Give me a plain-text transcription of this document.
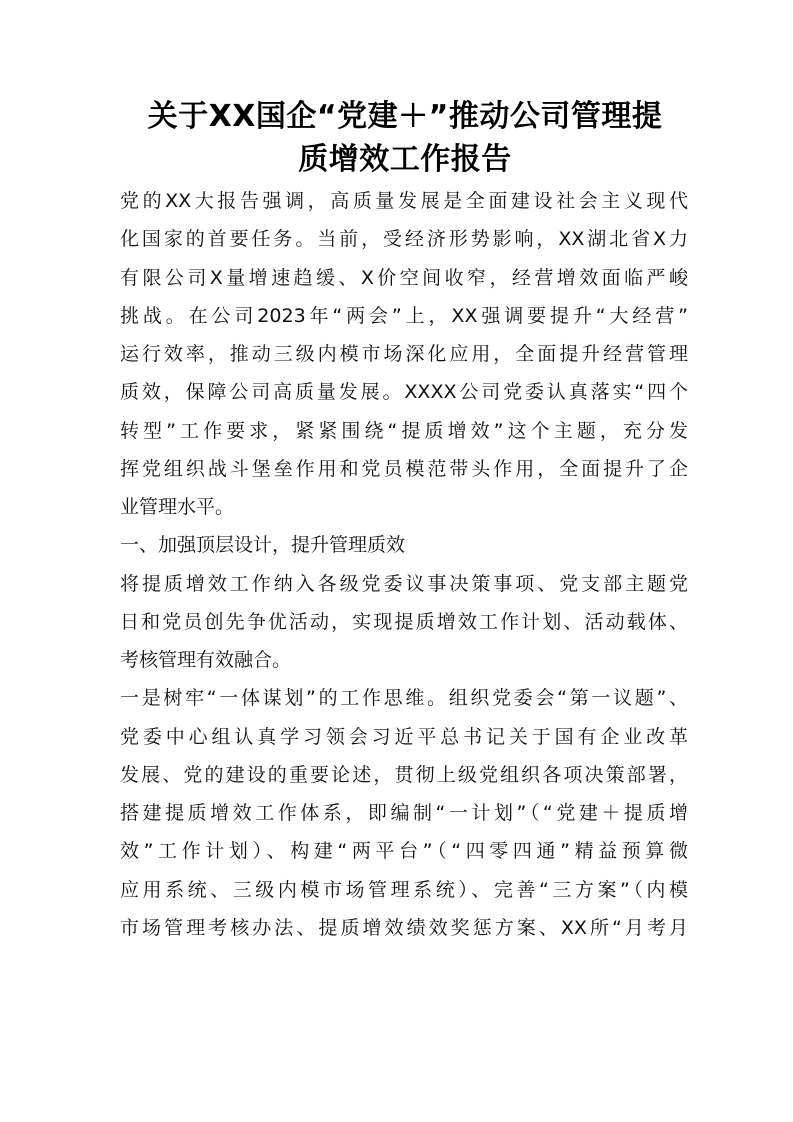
关于XX国企“党建＋”推动公司管理提
质增效工作报告
党的XX大报告强调，高质量发展是全面建设社会主义现代
化国家的首要任务。当前，受经济形势影响，XX湖北省X力
有限公司X量增速趋缓、X价空间收窄，经营增效面临严峻
挑战。在公司2023年“两会”上，XX强调要提升“大经营”
运行效率，推动三级内模市场深化应用，全面提升经营管理
质效，保障公司高质量发展。XXXX公司党委认真落实“四个
转型”工作要求，紧紧围绕“提质增效”这个主题，充分发
挥党组织战斗堡垒作用和党员模范带头作用，全面提升了企
业管理水平。
一、加强顶层设计，提升管理质效
将提质增效工作纳入各级党委议事决策事项、党支部主题党
日和党员创先争优活动，实现提质增效工作计划、活动载体、
考核管理有效融合。
一是树牢“一体谋划”的工作思维。组织党委会“第一议题”、
党委中心组认真学习领会习近平总书记关于国有企业改革
发展、党的建设的重要论述，贯彻上级党组织各项决策部署，
搭建提质增效工作体系，即编制“一计划”（“党建＋提质增
效”工作计划）、构建“两平台”（“四零四通”精益预算微
应用系统、三级内模市场管理系统）、完善“三方案”（内模
市场管理考核办法、提质增效绩效奖惩方案、XX所“月考月
